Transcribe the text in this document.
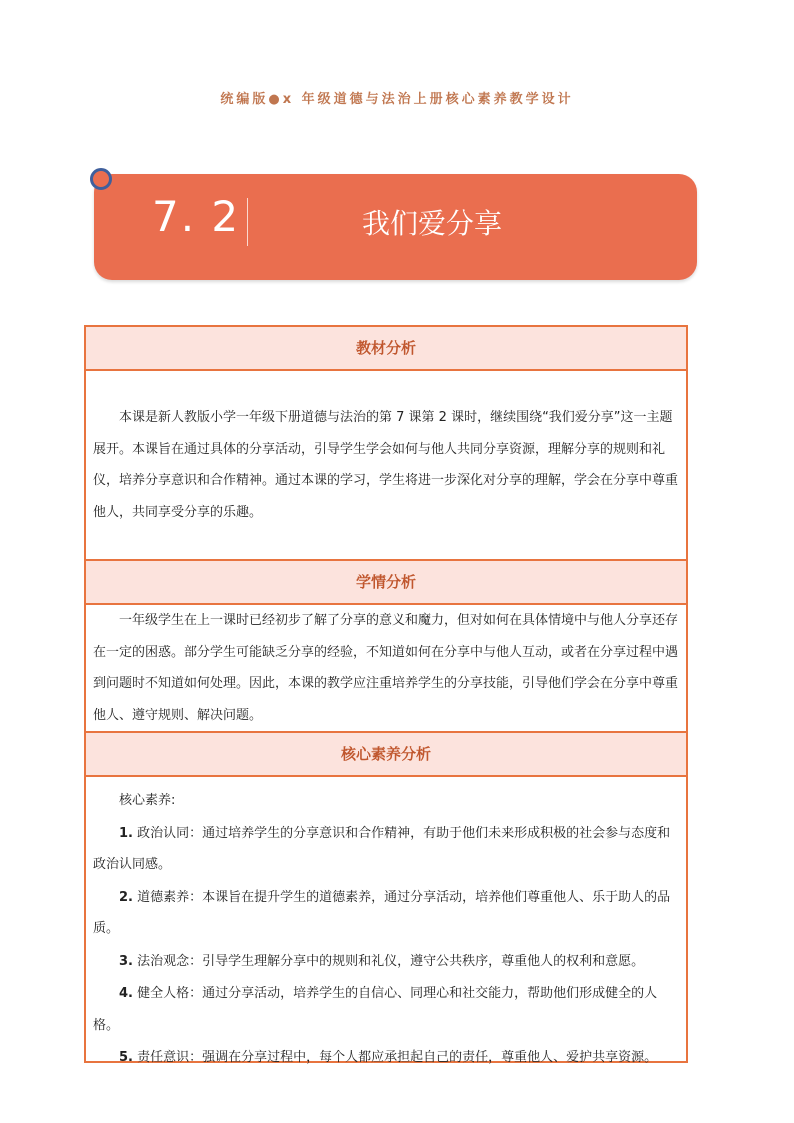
统编版●x 年级道德与法治上册核心素养教学设计
7. 2	我们爱分享
教材分析

本课是新人教版小学一年级下册道德与法治的第 7 课第 2 课时，继续围绕“我们爱分享”这一主题展开。本课旨在通过具体的分享活动，引导学生学会如何与他人共同分享资源，理解分享的规则和礼仪，培养分享意识和合作精神。通过本课的学习，学生将进一步深化对分享的理解，学会在分享中尊重他人，共同享受分享的乐趣。

学情分析

一年级学生在上一课时已经初步了解了分享的意义和魔力，但对如何在具体情境中与他人分享还存在一定的困惑。部分学生可能缺乏分享的经验，不知道如何在分享中与他人互动，或者在分享过程中遇到问题时不知道如何处理。因此，本课的教学应注重培养学生的分享技能，引导他们学会在分享中尊重他人、遵守规则、解决问题。

核心素养分析

核心素养:

1. 政治认同：通过培养学生的分享意识和合作精神，有助于他们未来形成积极的社会参与态度和政治认同感。

2. 道德素养：本课旨在提升学生的道德素养，通过分享活动，培养他们尊重他人、乐于助人的品质。

3. 法治观念：引导学生理解分享中的规则和礼仪，遵守公共秩序，尊重他人的权利和意愿。

4. 健全人格：通过分享活动，培养学生的自信心、同理心和社交能力，帮助他们形成健全的人格。

5. 责任意识：强调在分享过程中，每个人都应承担起自己的责任，尊重他人、爱护共享资源。
